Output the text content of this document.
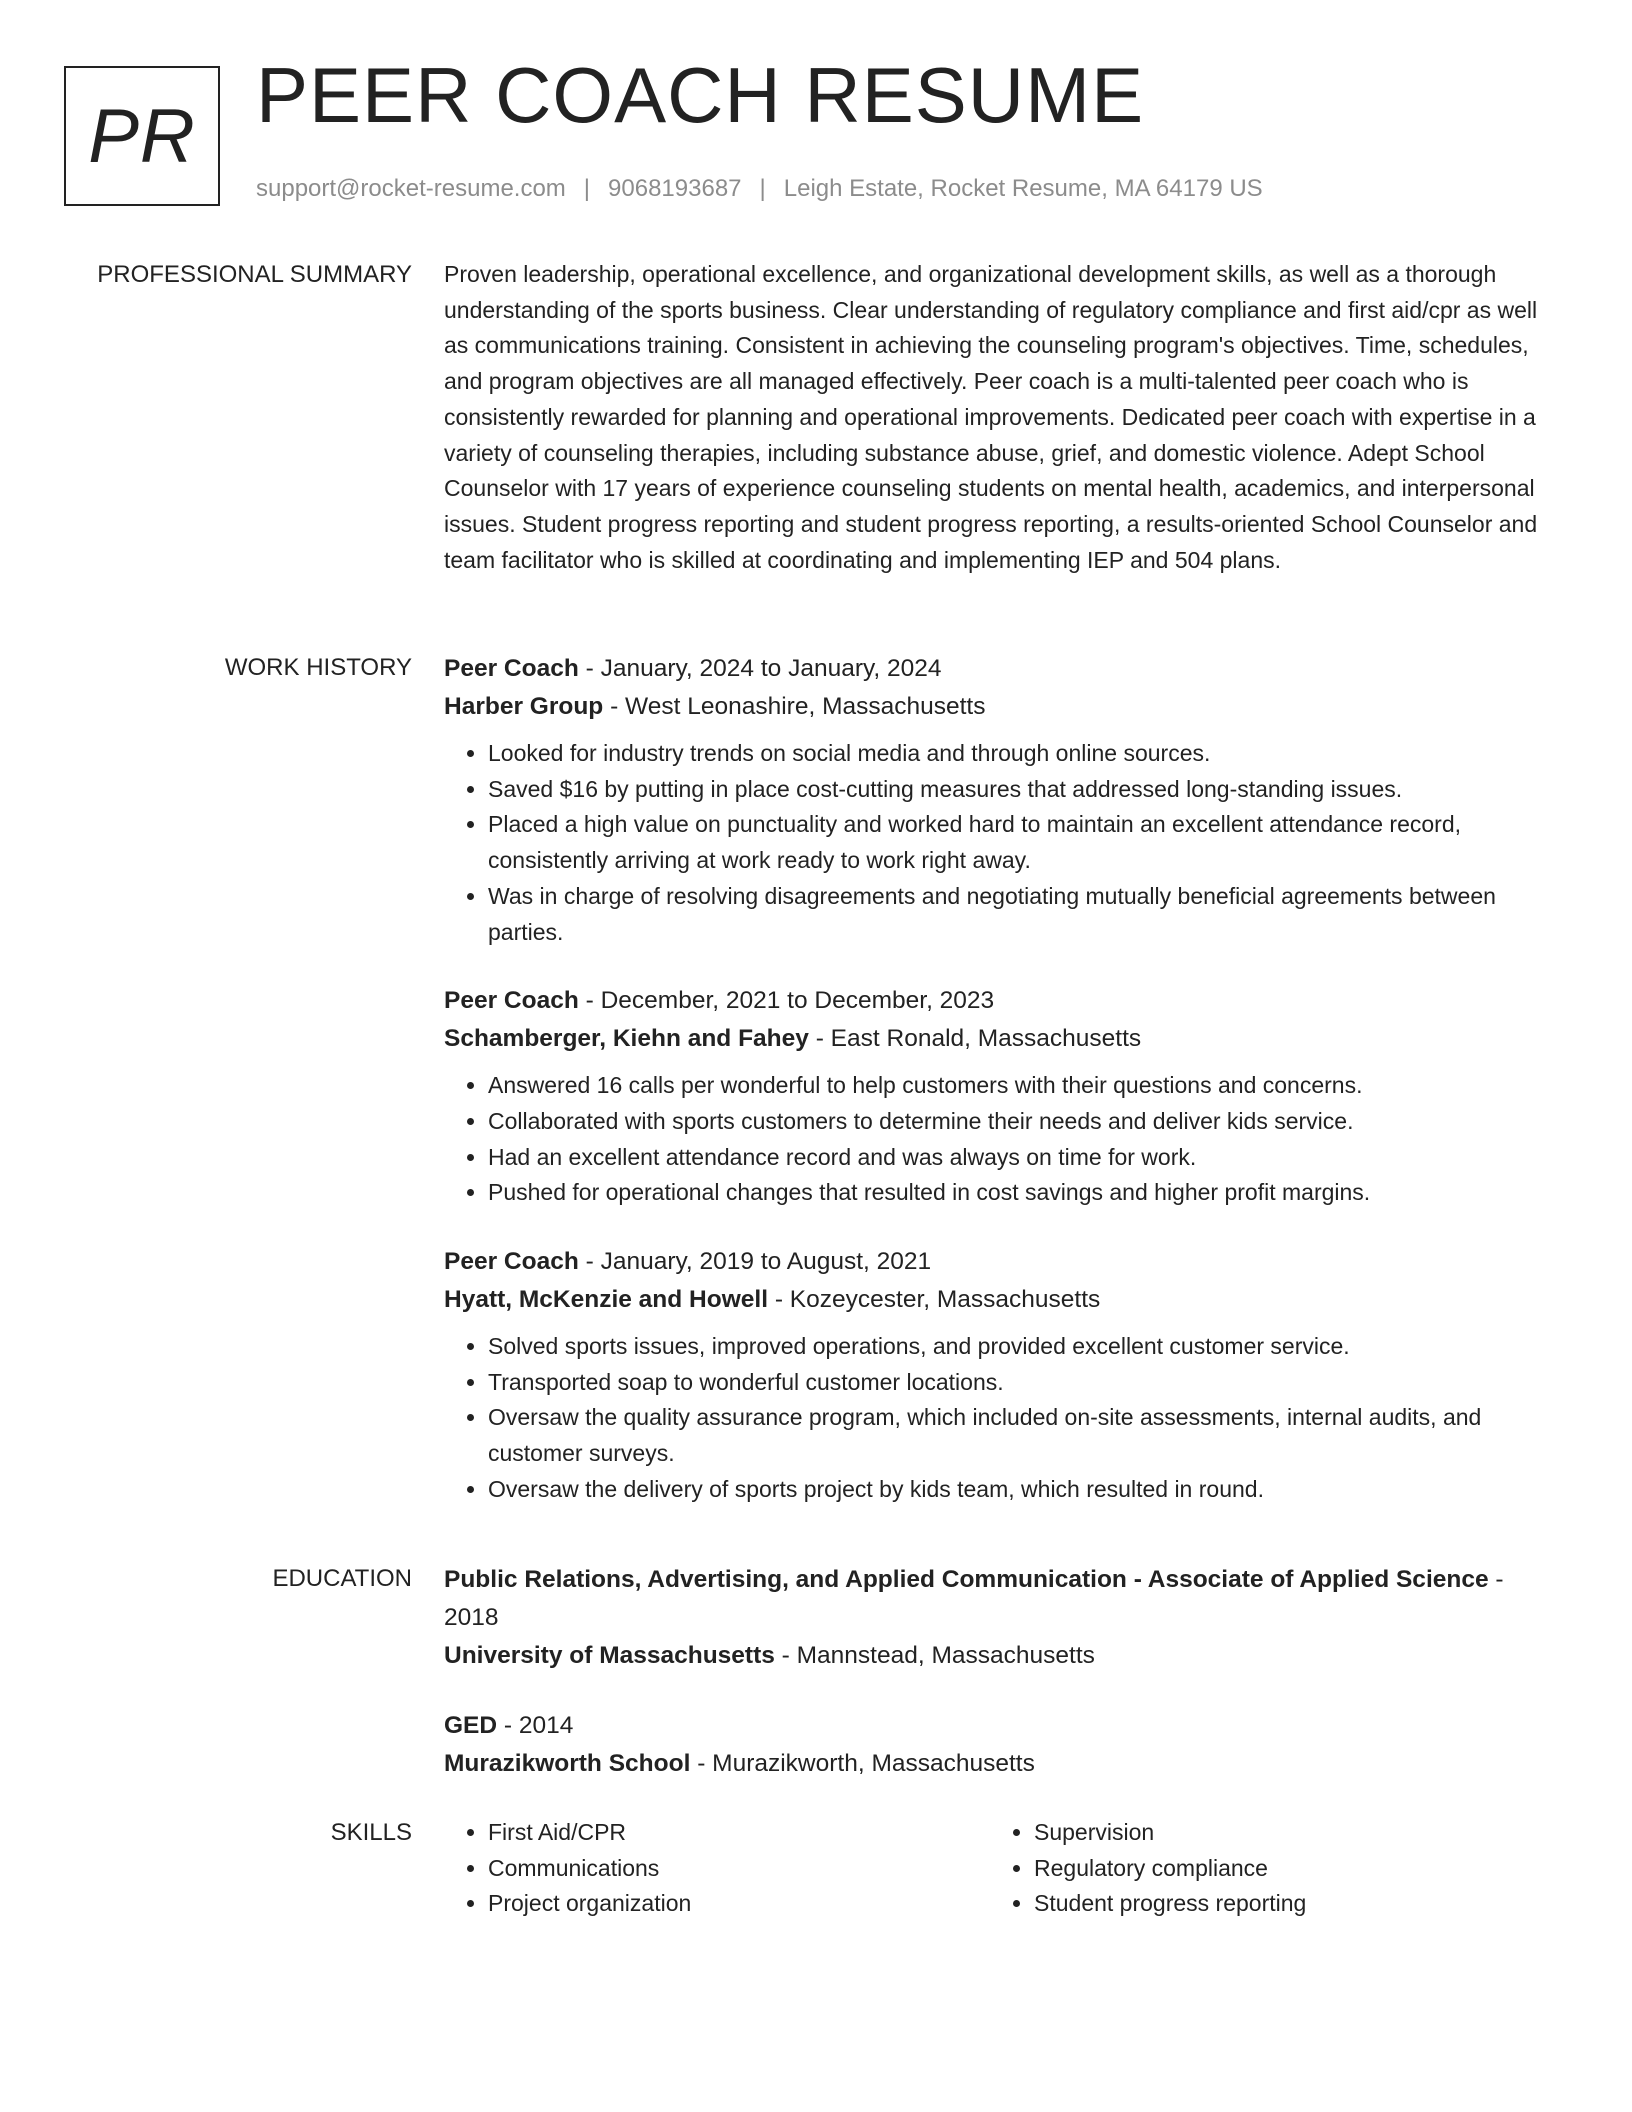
PR PEER COACH RESUME
support@rocket-resume.com | 9068193687 | Leigh Estate, Rocket Resume, MA 64179 US
PROFESSIONAL SUMMARY Proven leadership, operational excellence, and organizational development skills, as well as a thorough understanding of the sports business. Clear understanding of regulatory compliance and first aid/cpr as well as communications training. Consistent in achieving the counseling program's objectives. Time, schedules, and program objectives are all managed effectively. Peer coach is a multi-talented peer coach who is consistently rewarded for planning and operational improvements. Dedicated peer coach with expertise in a variety of counseling therapies, including substance abuse, grief, and domestic violence. Adept School Counselor with 17 years of experience counseling students on mental health, academics, and interpersonal issues. Student progress reporting and student progress reporting, a results-oriented School Counselor and team facilitator who is skilled at coordinating and implementing IEP and 504 plans.

WORK HISTORY Peer Coach - January, 2024 to January, 2024
Harber Group - West Leonashire, Massachusetts
• Looked for industry trends on social media and through online sources.
• Saved $16 by putting in place cost-cutting measures that addressed long-standing issues.
• Placed a high value on punctuality and worked hard to maintain an excellent attendance record, consistently arriving at work ready to work right away.
• Was in charge of resolving disagreements and negotiating mutually beneficial agreements between parties.
Peer Coach - December, 2021 to December, 2023
Schamberger, Kiehn and Fahey - East Ronald, Massachusetts
• Answered 16 calls per wonderful to help customers with their questions and concerns.
• Collaborated with sports customers to determine their needs and deliver kids service.
• Had an excellent attendance record and was always on time for work.
• Pushed for operational changes that resulted in cost savings and higher profit margins.
Peer Coach - January, 2019 to August, 2021
Hyatt, McKenzie and Howell - Kozeycester, Massachusetts
• Solved sports issues, improved operations, and provided excellent customer service.
• Transported soap to wonderful customer locations.
• Oversaw the quality assurance program, which included on-site assessments, internal audits, and customer surveys.
• Oversaw the delivery of sports project by kids team, which resulted in round.
EDUCATION Public Relations, Advertising, and Applied Communication - Associate of Applied Science - 2018
University of Massachusetts - Mannstead, Massachusetts
GED - 2014
Murazikworth School - Murazikworth, Massachusetts
SKILLS
•	First Aid/CPR
• Communications
• Project organization
• Supervision
• Regulatory compliance
• Student progress reporting
